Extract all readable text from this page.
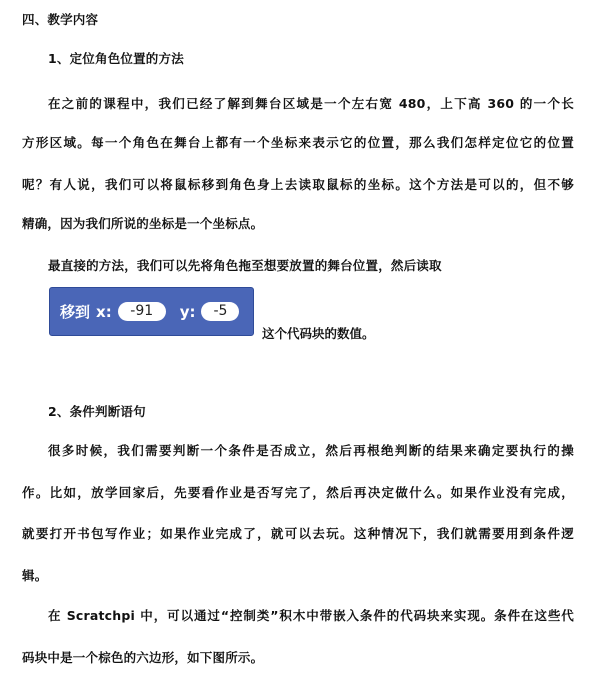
四、教学内容
1、定位角色位置的方法
在之前的课程中，我们已经了解到舞台区域是一个左右宽 480，上下高 360 的一个长
方形区域。每一个角色在舞台上都有一个坐标来表示它的位置，那么我们怎样定位它的位置
呢？有人说，我们可以将鼠标移到角色身上去读取鼠标的坐标。这个方法是可以的，但不够
精确，因为我们所说的坐标是一个坐标点。
最直接的方法，我们可以先将角色拖至想要放置的舞台位置，然后读取
移到 x:	-91	y:	-5
这个代码块的数值。
2、条件判断语句
很多时候，我们需要判断一个条件是否成立，然后再根绝判断的结果来确定要执行的操
作。比如，放学回家后，先要看作业是否写完了，然后再决定做什么。如果作业没有完成，
就要打开书包写作业；如果作业完成了，就可以去玩。这种情况下，我们就需要用到条件逻
辑。
在 Scratchpi 中，可以通过“控制类”积木中带嵌入条件的代码块来实现。条件在这些代
码块中是一个棕色的六边形，如下图所示。
